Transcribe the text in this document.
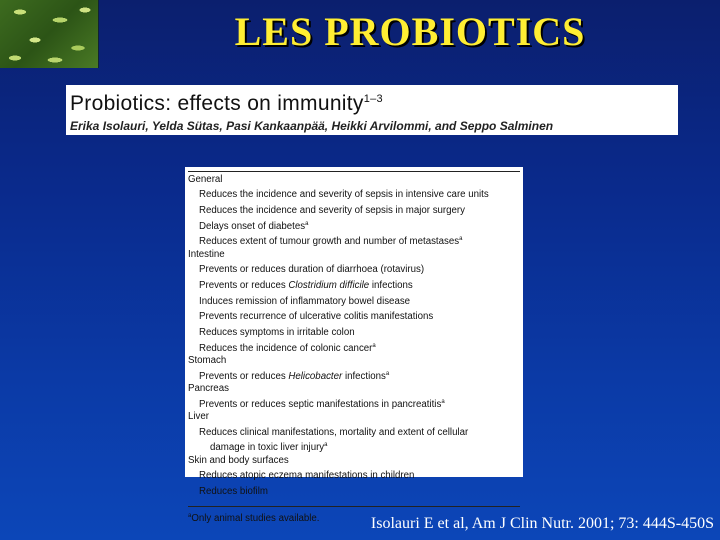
LES PROBIOTICS
Probiotics: effects on immunity$^{1-3}$
Erika Isolauri, Yelda Sütas, Pasi Kankaanpää, Heikki Arvilommi, and Seppo Salminen
General
Reduces the incidence and severity of sepsis in intensive care units
Reduces the incidence and severity of sepsis in major surgery
Delays onset of diabetes$^a$
Reduces extent of tumour growth and number of metastases$^a$
Intestine
Prevents or reduces duration of diarrhoea (rotavirus)
Prevents or reduces Clostridium difficile infections
Induces remission of inflammatory bowel disease
Prevents recurrence of ulcerative colitis manifestations
Reduces symptoms in irritable colon
Reduces the incidence of colonic cancer$^a$
Stomach
Prevents or reduces Helicobacter infections$^a$
Pancreas
Prevents or reduces septic manifestations in pancreatitis$^a$
Liver
Reduces clinical manifestations, mortality and extent of cellular
damage in toxic liver injury$^a$
Skin and body surfaces
Reduces atopic eczema manifestations in children
Reduces biofilm
$^a$Only animal studies available.	Isolauri E et al, Am J Clin Nutr. 2001; 73: 444S-450S
